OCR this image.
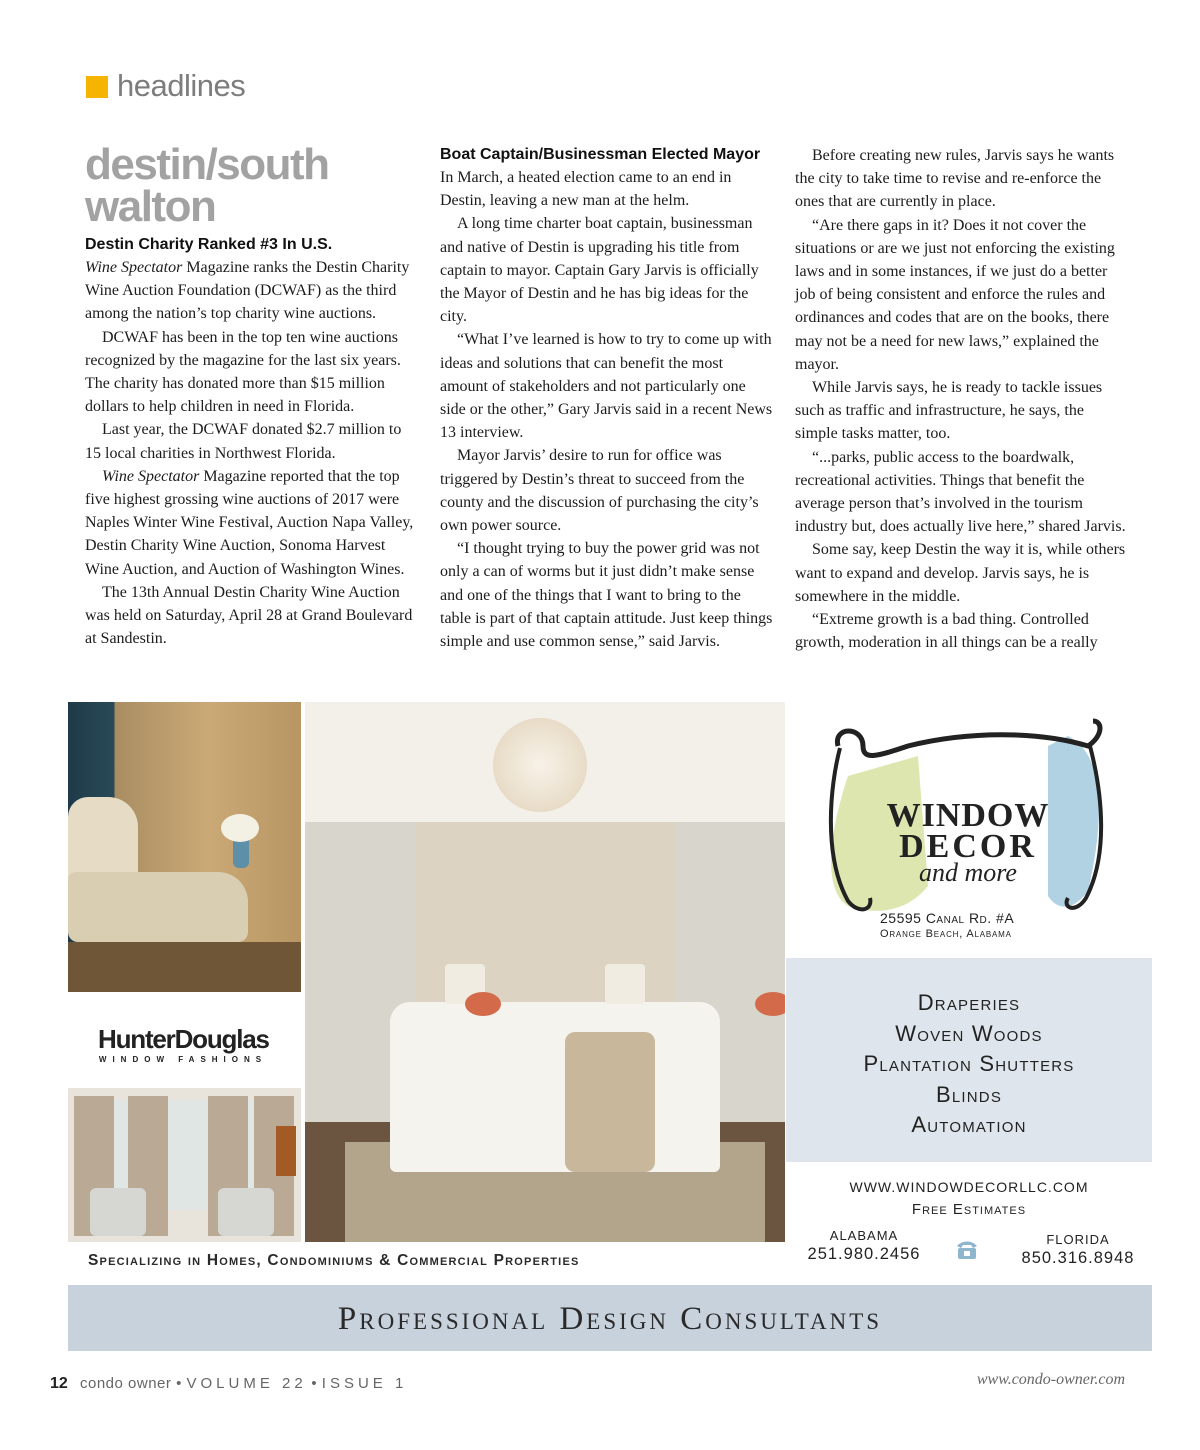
headlines
destin/south walton

Destin Charity Ranked #3 In U.S.

Wine Spectator Magazine ranks the Destin Charity Wine Auction Foundation (DCWAF) as the third among the nation’s top charity wine auctions.

DCWAF has been in the top ten wine auctions recognized by the magazine for the last six years. The charity has donated more than $15 million dollars to help children in need in Florida.

Last year, the DCWAF donated $2.7 million to 15 local charities in Northwest Florida.

Wine Spectator Magazine reported that the top five highest grossing wine auctions of 2017 were Naples Winter Wine Festival, Auction Napa Valley, Destin Charity Wine Auction, Sonoma Harvest Wine Auction, and Auction of Washington Wines.

The 13th Annual Destin Charity Wine Auction was held on Saturday, April 28 at Grand Boulevard at Sandestin.

Boat Captain/Businessman Elected Mayor

In March, a heated election came to an end in Destin, leaving a new man at the helm.

A long time charter boat captain, businessman and native of Destin is upgrading his title from captain to mayor. Captain Gary Jarvis is officially the Mayor of Destin and he has big ideas for the city.

“What I’ve learned is how to try to come up with ideas and solutions that can benefit the most amount of stakeholders and not particularly one side or the other,” Gary Jarvis said in a recent News 13 interview.

Mayor Jarvis’ desire to run for office was triggered by Destin’s threat to succeed from the county and the discussion of purchasing the city’s own power source.

“I thought trying to buy the power grid was not only a can of worms but it just didn’t make sense and one of the things that I want to bring to the table is part of that captain attitude. Just keep things simple and use common sense,” said Jarvis.

Before creating new rules, Jarvis says he wants the city to take time to revise and re-enforce the ones that are currently in place.

“Are there gaps in it? Does it not cover the situations or are we just not enforcing the existing laws and in some instances, if we just do a better job of being consistent and enforce the rules and ordinances and codes that are on the books, there may not be a need for new laws,” explained the mayor.

While Jarvis says, he is ready to tackle issues such as traffic and infrastructure, he says, the simple tasks matter, too.

“...parks, public access to the boardwalk, recreational activities. Things that benefit the average person that’s involved in the tourism industry but, does actually live here,” shared Jarvis.

Some say, keep Destin the way it is, while others want to expand and develop. Jarvis says, he is somewhere in the middle.

“Extreme growth is a bad thing. Controlled growth, moderation in all things can be a really

HunterDouglas
WINDOW FASHIONS
Specializing in Homes, Condominiums & Commercial Properties
WINDOW
DECOR
and more
25595 Canal Rd. #A
Orange Beach, Alabama
Draperies
Woven Woods
Plantation Shutters
Blinds
Automation
WWW.WINDOWDECORLLC.COM
Free Estimates
ALABAMA
251.980.2456
FLORIDA
850.316.8948
Professional Design Consultants
12 condo owner • VOLUME 22 • ISSUE 1	www.condo-owner.com
